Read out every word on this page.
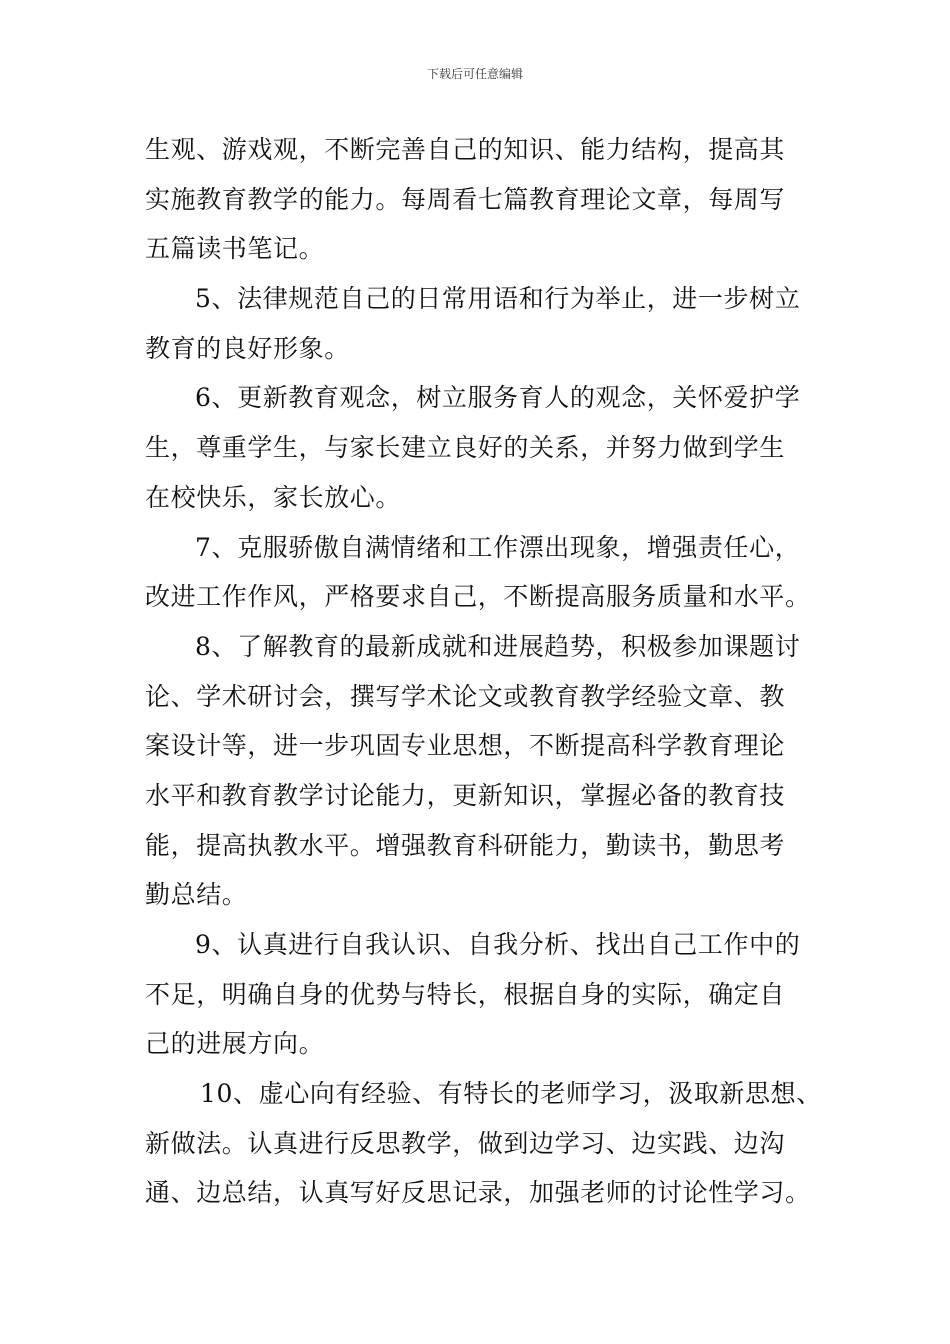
下载后可任意编辑
生观、游戏观，不断完善自己的知识、能力结构，提高其
实施教育教学的能力。每周看七篇教育理论文章，每周写
五篇读书笔记。
5、法律规范自己的日常用语和行为举止，进一步树立
教育的良好形象。
6、更新教育观念，树立服务育人的观念，关怀爱护学
生，尊重学生，与家长建立良好的关系，并努力做到学生
在校快乐，家长放心。
7、克服骄傲自满情绪和工作漂出现象，增强责任心，
改进工作作风，严格要求自己，不断提高服务质量和水平。
8、了解教育的最新成就和进展趋势，积极参加课题讨
论、学术研讨会，撰写学术论文或教育教学经验文章、教
案设计等，进一步巩固专业思想，不断提高科学教育理论
水平和教育教学讨论能力，更新知识，掌握必备的教育技
能，提高执教水平。增强教育科研能力，勤读书，勤思考
勤总结。
9、认真进行自我认识、自我分析、找出自己工作中的
不足，明确自身的优势与特长，根据自身的实际，确定自
己的进展方向。
10、虚心向有经验、有特长的老师学习，汲取新思想、
新做法。认真进行反思教学，做到边学习、边实践、边沟
通、边总结，认真写好反思记录，加强老师的讨论性学习。
